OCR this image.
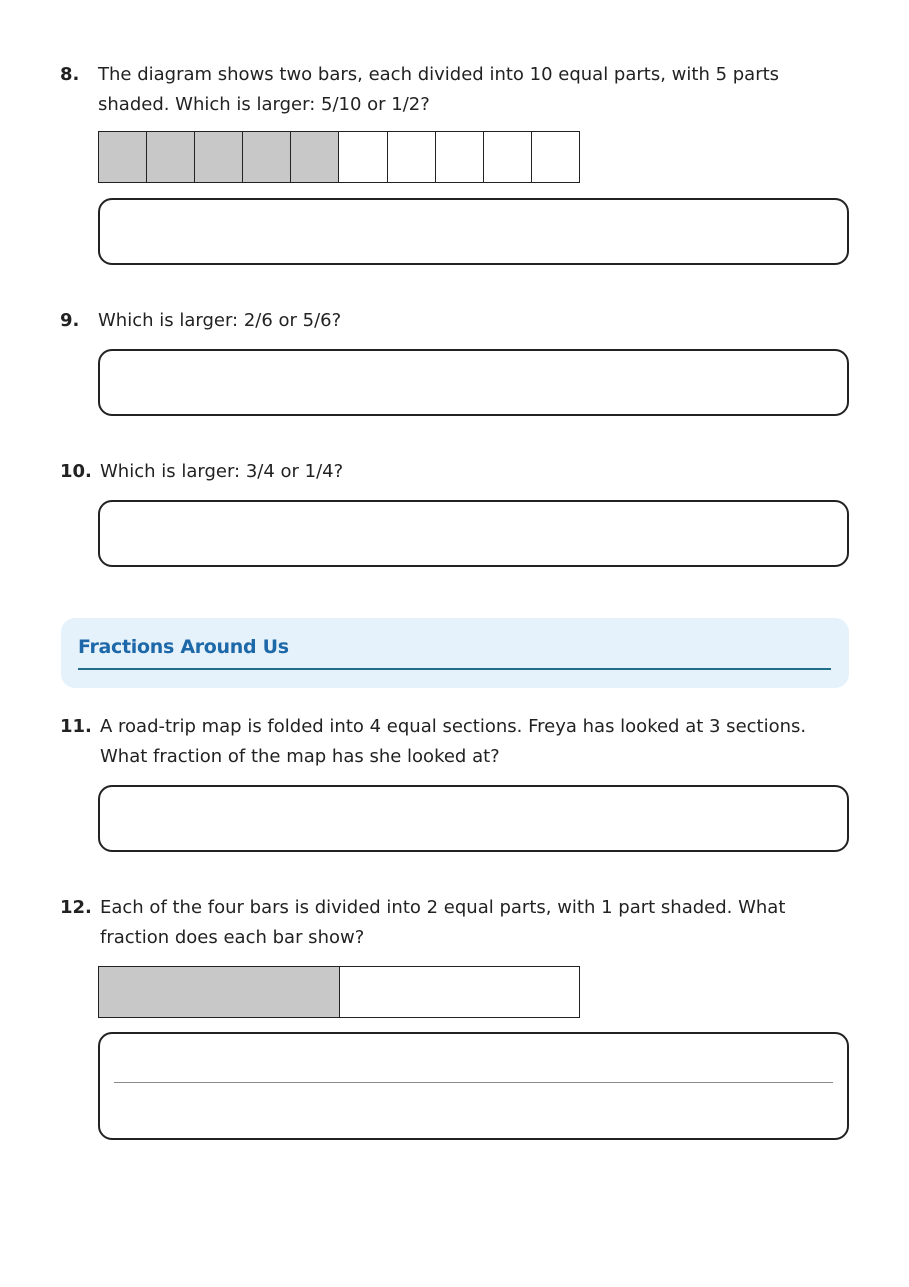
8. The diagram shows two bars, each divided into 10 equal parts, with 5 parts shaded. Which is larger: 5/10 or 1/2?
9. Which is larger: 2/6 or 5/6?
10. Which is larger: 3/4 or 1/4?
Fractions Around Us
11. A road-trip map is folded into 4 equal sections. Freya has looked at 3 sections. What fraction of the map has she looked at?
12. Each of the four bars is divided into 2 equal parts, with 1 part shaded. What fraction does each bar show?
